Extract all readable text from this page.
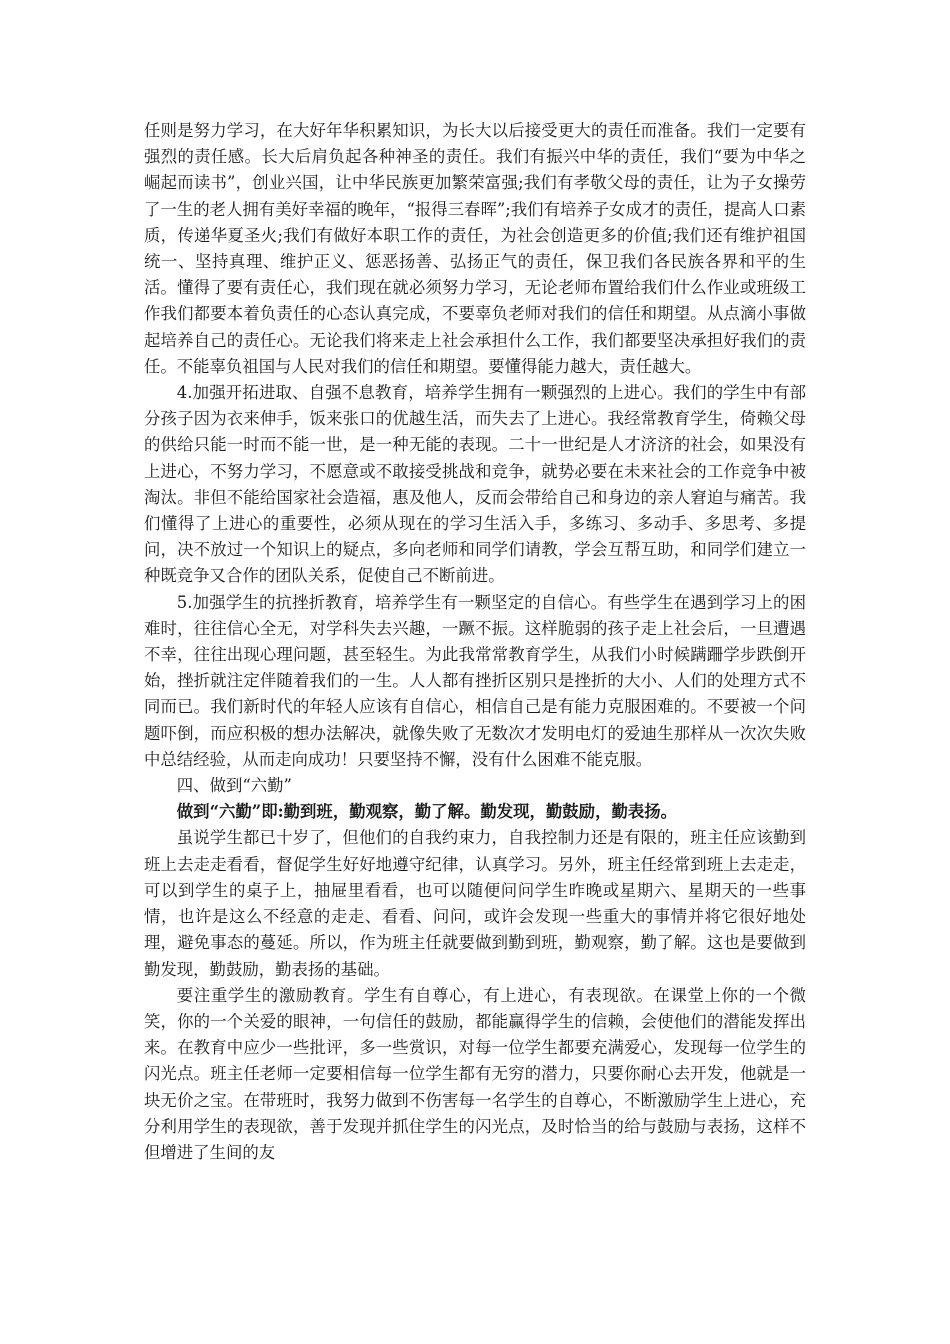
任则是努力学习，在大好年华积累知识，为长大以后接受更大的责任而准备。我们一定要有强烈的责任感。长大后肩负起各种神圣的责任。我们有振兴中华的责任，我们“要为中华之崛起而读书”，创业兴国，让中华民族更加繁荣富强;我们有孝敬父母的责任，让为子女操劳了一生的老人拥有美好幸福的晚年，“报得三春晖”;我们有培养子女成才的责任，提高人口素质，传递华夏圣火;我们有做好本职工作的责任，为社会创造更多的价值;我们还有维护祖国统一、坚持真理、维护正义、惩恶扬善、弘扬正气的责任，保卫我们各民族各界和平的生活。懂得了要有责任心，我们现在就必须努力学习，无论老师布置给我们什么作业或班级工作我们都要本着负责任的心态认真完成，不要辜负老师对我们的信任和期望。从点滴小事做起培养自己的责任心。无论我们将来走上社会承担什么工作，我们都要坚决承担好我们的责任。不能辜负祖国与人民对我们的信任和期望。要懂得能力越大，责任越大。

4.加强开拓进取、自强不息教育，培养学生拥有一颗强烈的上进心。我们的学生中有部分孩子因为衣来伸手，饭来张口的优越生活，而失去了上进心。我经常教育学生，倚赖父母的供给只能一时而不能一世，是一种无能的表现。二十一世纪是人才济济的社会，如果没有上进心，不努力学习，不愿意或不敢接受挑战和竞争，就势必要在未来社会的工作竞争中被淘汰。非但不能给国家社会造福，惠及他人，反而会带给自己和身边的亲人窘迫与痛苦。我们懂得了上进心的重要性，必须从现在的学习生活入手，多练习、多动手、多思考、多提问，决不放过一个知识上的疑点，多向老师和同学们请教，学会互帮互助，和同学们建立一种既竞争又合作的团队关系，促使自己不断前进。

5.加强学生的抗挫折教育，培养学生有一颗坚定的自信心。有些学生在遇到学习上的困难时，往往信心全无，对学科失去兴趣，一蹶不振。这样脆弱的孩子走上社会后，一旦遭遇不幸，往往出现心理问题，甚至轻生。为此我常常教育学生，从我们小时候蹒跚学步跌倒开始，挫折就注定伴随着我们的一生。人人都有挫折区别只是挫折的大小、人们的处理方式不同而已。我们新时代的年轻人应该有自信心，相信自己是有能力克服困难的。不要被一个问题吓倒，而应积极的想办法解决，就像失败了无数次才发明电灯的爱迪生那样从一次次失败中总结经验，从而走向成功！只要坚持不懈，没有什么困难不能克服。

四、做到“六勤”

做到“六勤”即:勤到班，勤观察，勤了解。勤发现，勤鼓励，勤表扬。

虽说学生都已十岁了，但他们的自我约束力，自我控制力还是有限的，班主任应该勤到班上去走走看看，督促学生好好地遵守纪律，认真学习。另外，班主任经常到班上去走走，可以到学生的桌子上，抽屉里看看，也可以随便问问学生昨晚或星期六、星期天的一些事情，也许是这么不经意的走走、看看、问问，或许会发现一些重大的事情并将它很好地处理，避免事态的蔓延。所以，作为班主任就要做到勤到班，勤观察，勤了解。这也是要做到勤发现，勤鼓励，勤表扬的基础。

要注重学生的激励教育。学生有自尊心，有上进心，有表现欲。在课堂上你的一个微笑，你的一个关爱的眼神，一句信任的鼓励，都能赢得学生的信赖，会使他们的潜能发挥出来。在教育中应少一些批评，多一些赏识，对每一位学生都要充满爱心，发现每一位学生的闪光点。班主任老师一定要相信每一位学生都有无穷的潜力，只要你耐心去开发，他就是一块无价之宝。在带班时，我努力做到不伤害每一名学生的自尊心，不断激励学生上进心，充分利用学生的表现欲，善于发现并抓住学生的闪光点，及时恰当的给与鼓励与表扬，这样不但增进了生间的友
